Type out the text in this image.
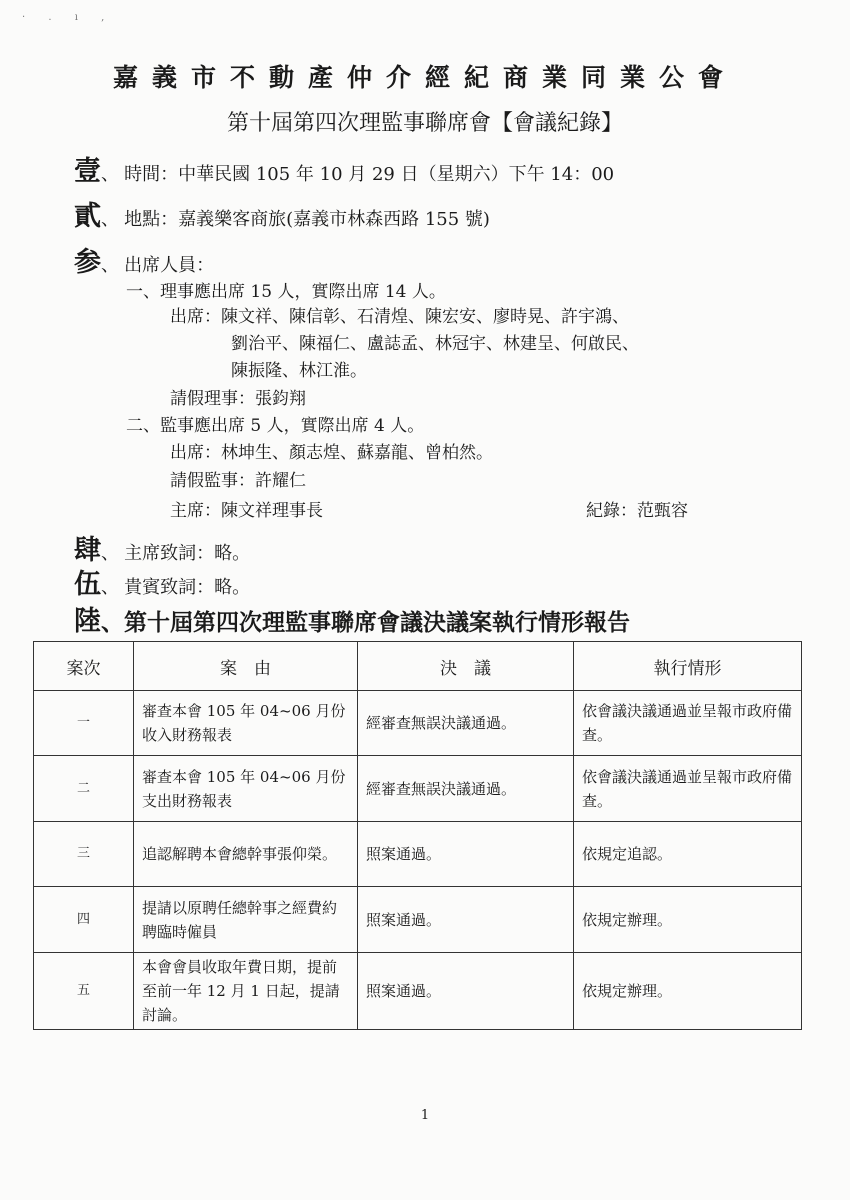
‧ . ı ,
嘉義市不動產仲介經紀商業同業公會
第十屆第四次理監事聯席會【會議紀錄】
壹、 時間：中華民國 105 年 10 月 29 日（星期六）下午 14：00
貳、 地點：嘉義樂客商旅(嘉義市林森西路 155 號)
参、 出席人員：
一、理事應出席 15 人，實際出席 14 人。
出席：陳文祥、陳信彰、石清煌、陳宏安、廖時晃、許宇鴻、
劉治平、陳福仁、盧誌孟、林冠宇、林建呈、何啟民、
陳振隆、林江淮。
請假理事：張鈞翔
二、監事應出席 5 人，實際出席 4 人。
出席：林坤生、顏志煌、蘇嘉龍、曾柏然。
請假監事：許耀仁
主席：陳文祥理事長	紀錄：范甄容
肆、 主席致詞：略。
伍、 貴賓致詞：略。
陸、第十屆第四次理監事聯席會議決議案執行情形報告
案次	案　由	決　議	執行情形
一	審查本會 105 年 04~06 月份收入財務報表	經審查無誤決議通過。	依會議決議通過並呈報市政府備查。
二	審查本會 105 年 04~06 月份支出財務報表	經審查無誤決議通過。	依會議決議通過並呈報市政府備查。
三	追認解聘本會總幹事張仰榮。	照案通過。	依規定追認。
四	提請以原聘任總幹事之經費約聘臨時僱員	照案通過。	依規定辦理。
五	本會會員收取年費日期，提前至前一年 12 月 1 日起，提請討論。	照案通過。	依規定辦理。
1
